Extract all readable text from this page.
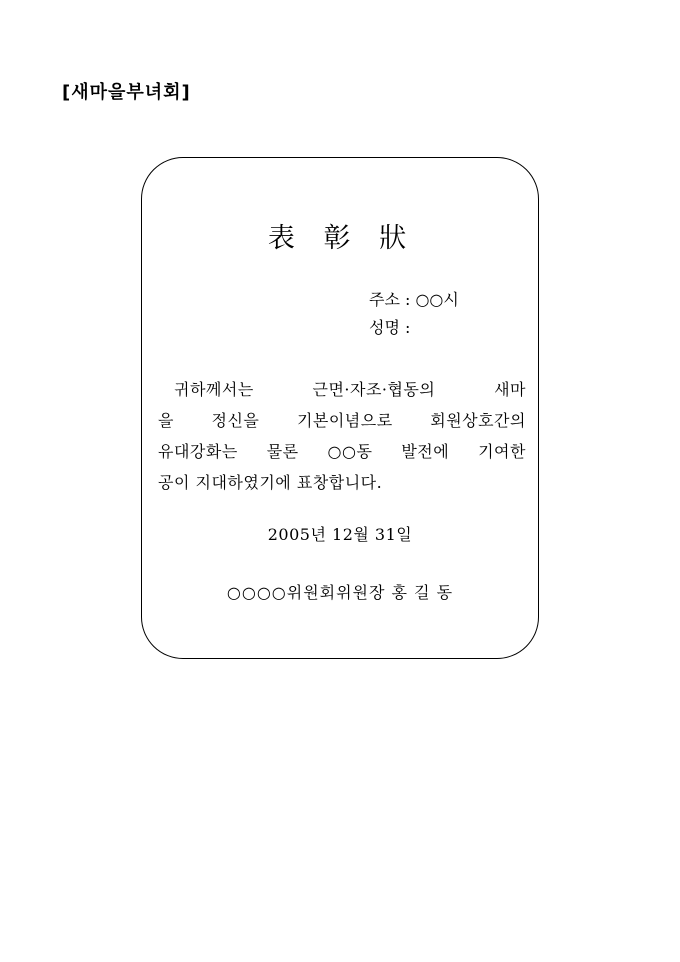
[새마을부녀회]
表 彰 狀
주소 : ○○시
성명 :
귀하께서는	근면·자조·협동의	새마
을 정신을 기본이념으로 회원상호간의
유대강화는 물론 ○○동 발전에 기여한
공이 지대하였기에 표창합니다.
2005년 12월 31일
○○○○위원회위원장 홍 길 동
